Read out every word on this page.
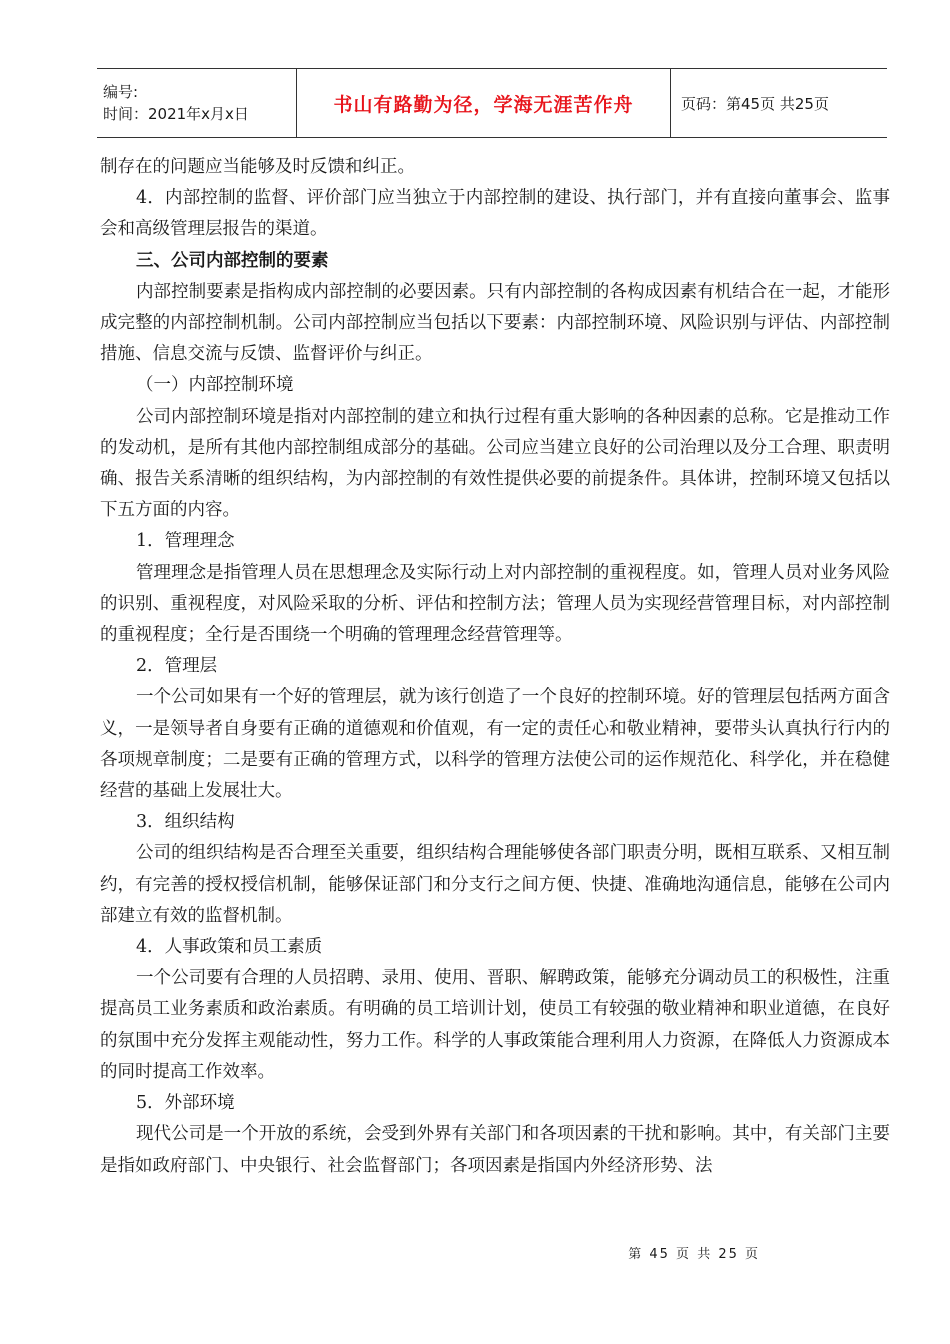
编号:
时间：2021年x月x日	书山有路勤为径，学海无涯苦作舟	页码：第45页 共25页

制存在的问题应当能够及时反馈和纠正。

4．内部控制的监督、评价部门应当独立于内部控制的建设、执行部门，并有直接向董事会、监事会和高级管理层报告的渠道。

三、公司内部控制的要素

内部控制要素是指构成内部控制的必要因素。只有内部控制的各构成因素有机结合在一起，才能形成完整的内部控制机制。公司内部控制应当包括以下要素：内部控制环境、风险识别与评估、内部控制措施、信息交流与反馈、监督评价与纠正。

（一）内部控制环境

公司内部控制环境是指对内部控制的建立和执行过程有重大影响的各种因素的总称。它是推动工作的发动机，是所有其他内部控制组成部分的基础。公司应当建立良好的公司治理以及分工合理、职责明确、报告关系清晰的组织结构，为内部控制的有效性提供必要的前提条件。具体讲，控制环境又包括以下五方面的内容。

1．管理理念

管理理念是指管理人员在思想理念及实际行动上对内部控制的重视程度。如，管理人员对业务风险的识别、重视程度，对风险采取的分析、评估和控制方法；管理人员为实现经营管理目标，对内部控制的重视程度；全行是否围绕一个明确的管理理念经营管理等。

2．管理层

一个公司如果有一个好的管理层，就为该行创造了一个良好的控制环境。好的管理层包括两方面含义，一是领导者自身要有正确的道德观和价值观，有一定的责任心和敬业精神，要带头认真执行行内的各项规章制度；二是要有正确的管理方式，以科学的管理方法使公司的运作规范化、科学化，并在稳健经营的基础上发展壮大。

3．组织结构

公司的组织结构是否合理至关重要，组织结构合理能够使各部门职责分明，既相互联系、又相互制约，有完善的授权授信机制，能够保证部门和分支行之间方便、快捷、准确地沟通信息，能够在公司内部建立有效的监督机制。

4．人事政策和员工素质

一个公司要有合理的人员招聘、录用、使用、晋职、解聘政策，能够充分调动员工的积极性，注重提高员工业务素质和政治素质。有明确的员工培训计划，使员工有较强的敬业精神和职业道德，在良好的氛围中充分发挥主观能动性，努力工作。科学的人事政策能合理利用人力资源，在降低人力资源成本的同时提高工作效率。

5．外部环境

现代公司是一个开放的系统，会受到外界有关部门和各项因素的干扰和影响。其中，有关部门主要是指如政府部门、中央银行、社会监督部门；各项因素是指国内外经济形势、法

第 45 页 共 25 页
